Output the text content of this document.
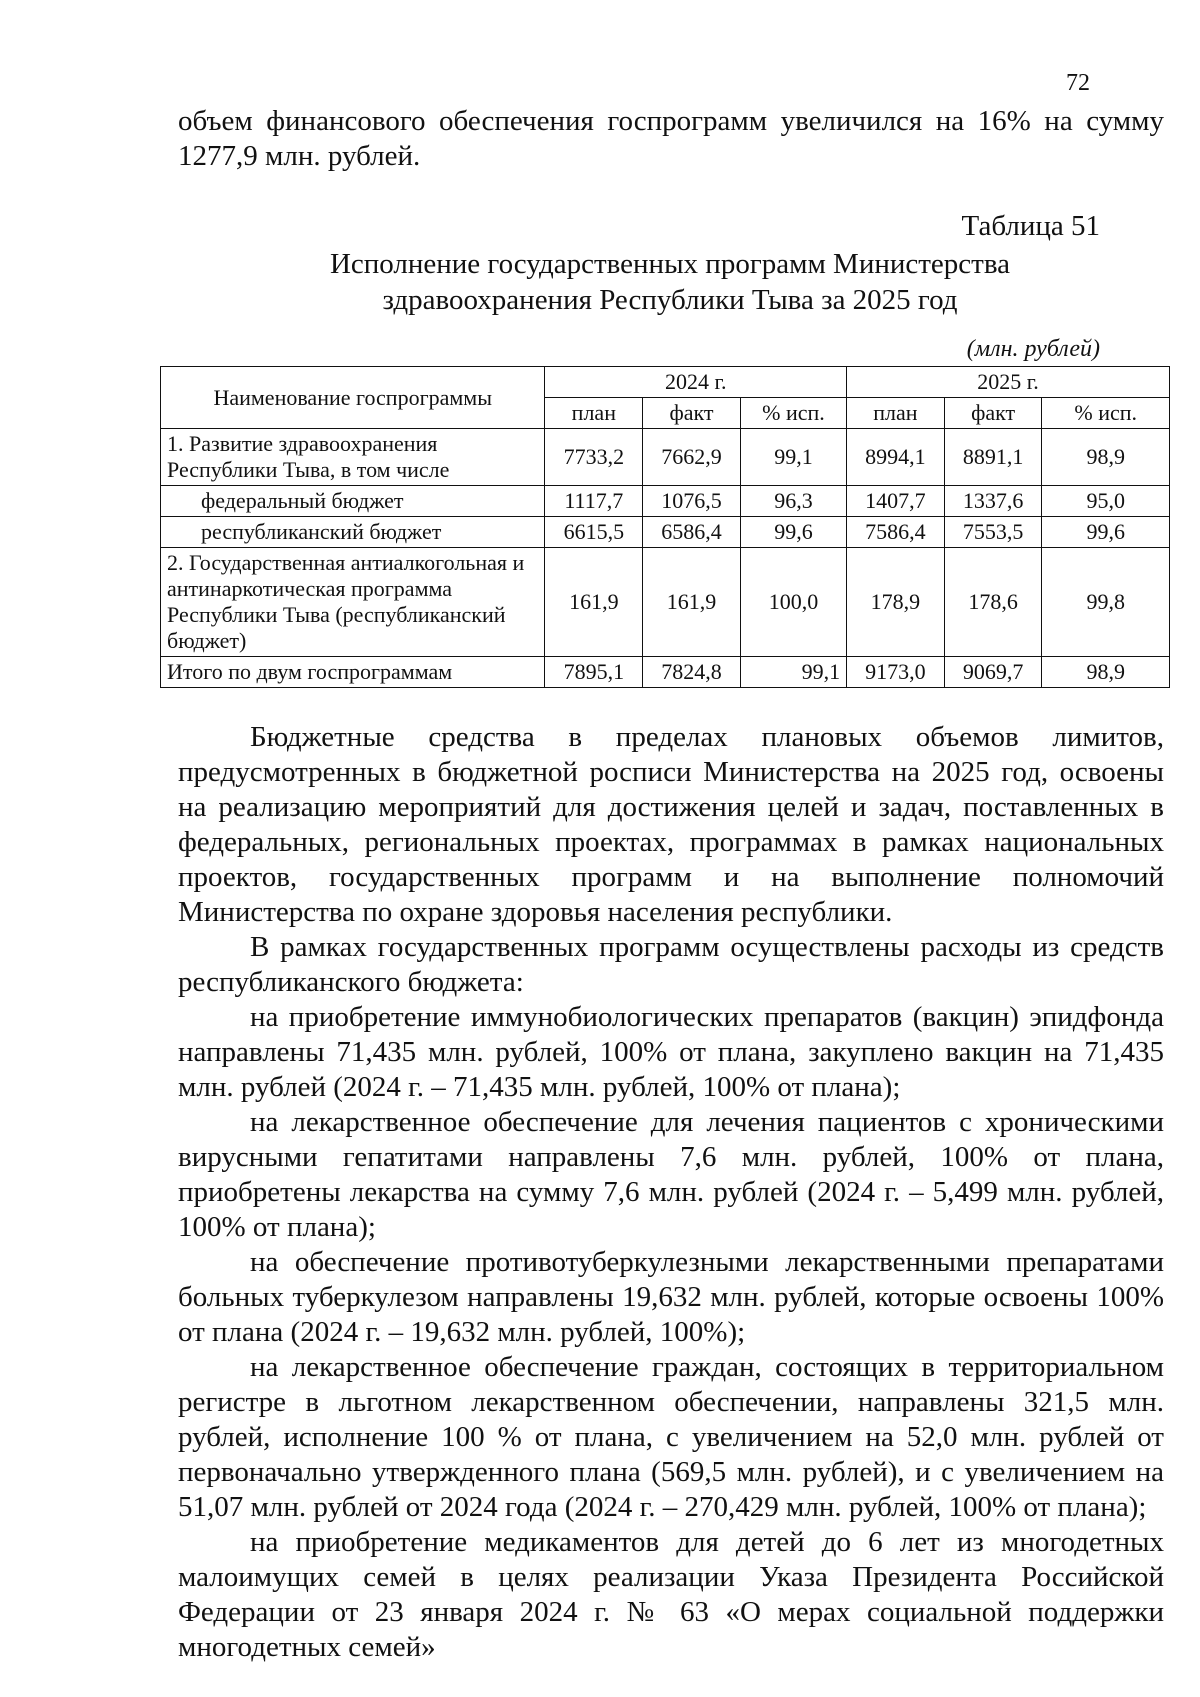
72

объем финансового обеспечения госпрограмм увеличился на 16% на сумму 1277,9 млн. рублей.

Таблица 51
Исполнение государственных программ Министерства
здравоохранения Республики Тыва за 2025 год
(млн. рублей)
Наименование госпрограммы	2024 г.			2025 г.		
	план	факт	% исп.	план	факт	% исп.
1. Развитие здравоохранения Республики Тыва, в том числе	7733,2	7662,9	99,1	8994,1	8891,1	98,9
федеральный бюджет	1117,7	1076,5	96,3	1407,7	1337,6	95,0
республиканский бюджет	6615,5	6586,4	99,6	7586,4	7553,5	99,6
2. Государственная антиалкогольная и антинаркотическая программа Республики Тыва (республиканский бюджет)	161,9	161,9	100,0	178,9	178,6	99,8
Итого по двум госпрограммам	7895,1	7824,8	99,1	9173,0	9069,7	98,9

Бюджетные средства в пределах плановых объемов лимитов, предусмотренных в бюджетной росписи Министерства на 2025 год, освоены на реализацию мероприятий для достижения целей и задач, поставленных в федеральных, региональных проектах, программах в рамках национальных проектов, государственных программ и на выполнение полномочий Министерства по охране здоровья населения республики.

В рамках государственных программ осуществлены расходы из средств республиканского бюджета:

на приобретение иммунобиологических препаратов (вакцин) эпидфонда направлены 71,435 млн. рублей, 100% от плана, закуплено вакцин на 71,435 млн. рублей (2024 г. – 71,435 млн. рублей, 100% от плана);

на лекарственное обеспечение для лечения пациентов с хроническими вирусными гепатитами направлены 7,6 млн. рублей, 100% от плана, приобретены лекарства на сумму 7,6 млн. рублей (2024 г. – 5,499 млн. рублей, 100% от плана);

на обеспечение противотуберкулезными лекарственными препаратами больных туберкулезом направлены 19,632 млн. рублей, которые освоены 100% от плана (2024 г. – 19,632 млн. рублей, 100%);

на лекарственное обеспечение граждан, состоящих в территориальном регистре в льготном лекарственном обеспечении, направлены 321,5 млн. рублей, исполнение 100 % от плана, с увеличением на 52,0 млн. рублей от первоначально утвержденного плана (569,5 млн. рублей), и с увеличением на 51,07 млн. рублей от 2024 года (2024 г. – 270,429 млн. рублей, 100% от плана);

на приобретение медикаментов для детей до 6 лет из многодетных малоимущих семей в целях реализации Указа Президента Российской Федерации от 23 января 2024 г. № 63 «О мерах социальной поддержки многодетных семей»
